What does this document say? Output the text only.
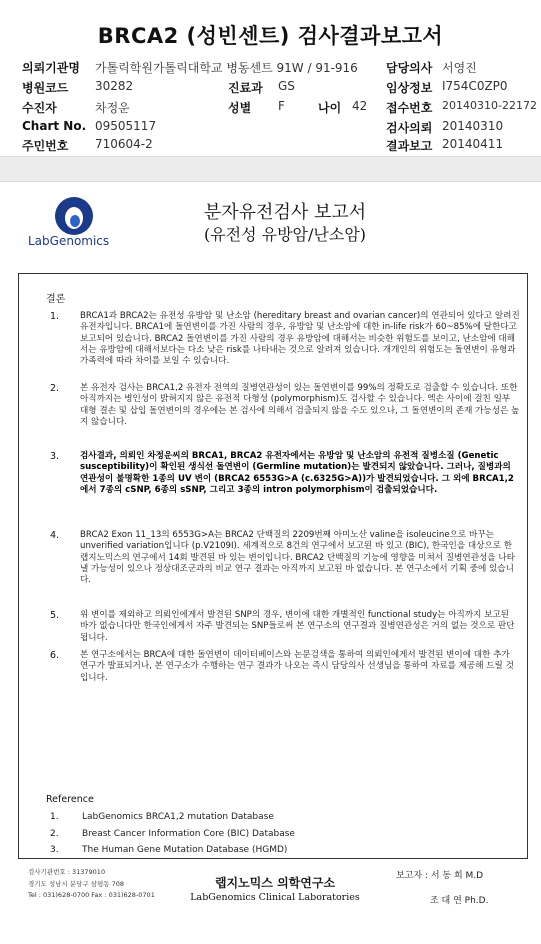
BRCA2 (성빈센트) 검사결과보고서
의뢰기관명 가톨릭학원가톨릭대학교 병동센트 91W / 91-916
병원코드 30282	진료과 GS
수진자	차정운	성별 F	나이 42
Chart No. 09505117
주민번호 710604-2
담당의사 서영진
임상정보 I754C0ZP0
접수번호 20140310-22172
검사의뢰 20140310
결과보고 20140411
LabGenomics
분자유전검사 보고서
(유전성 유방암/난소암)
결론
1. BRCA1과 BRCA2는 유전성 유방암 및 난소암 (hereditary breast and ovarian cancer)의 연관되어 있다고 알려진 유전자입니다. BRCA1에 돌연변이를 가진 사람의 경우, 유방암 및 난소암에 대한 in-life risk가 60~85%에 달한다고 보고되어 있습니다. BRCA2 돌연변이를 가진 사람의 경우 유방암에 대해서는 비슷한 위험도를 보이고, 난소암에 대해서는 유방암에 대해서보다는 다소 낮은 risk를 나타내는 것으로 알려져 있습니다. 개개인의 위험도는 돌연변이 유형과 가족력에 따라 차이를 보일 수 있습니다.
2. 본 유전자 검사는 BRCA1,2 유전자 전역의 질병연관성이 있는 돌연변이를 99%의 정확도로 검출할 수 있습니다. 또한 아직까지는 병인성이 밝혀지지 않은 유전적 다형성 (polymorphism)도 검사할 수 있습니다. 엑손 사이에 걸친 일부 대형 결손 및 삽입 돌연변이의 경우에는 본 검사에 의해서 검출되지 않을 수도 있으나, 그 돌연변이의 존재 가능성은 높지 않습니다.
3. 검사결과, 의뢰인 차정운씨의 BRCA1, BRCA2 유전자에서는 유방암 및 난소암의 유전적 질병소질 (Genetic susceptibility)이 확인된 생식선 돌연변이 (Germline mutation)는 발견되지 않았습니다. 그러나, 질병과의 연관성이 불명확한 1종의 UV 변이 (BRCA2 6553G>A (c.6325G>A))가 발견되었습니다. 그 외에 BRCA1,2에서 7종의 cSNP, 6종의 sSNP, 그리고 3종의 intron polymorphism이 검출되었습니다.
4. BRCA2 Exon 11_13의 6553G>A는 BRCA2 단백질의 2209번째 아미노산 valine을 isoleucine으로 바꾸는 unverified variation입니다 (p.V2109I). 세계적으로 8건의 연구에서 보고된 바 있고 (BIC), 한국인을 대상으로 한 랩지노믹스의 연구에서 14회 발견된 바 있는 변이입니다. BRCA2 단백질의 기능에 영향을 미쳐서 질병연관성을 나타낼 가능성이 있으나 정상대조군과의 비교 연구 결과는 아직까지 보고된 바 없습니다. 본 연구소에서 기획 중에 있습니다.
5. 위 변이를 제외하고 의뢰인에게서 발견된 SNP의 경우, 변이에 대한 개별적인 functional study는 아직까지 보고된 바가 없습니다만 한국인에게서 자주 발견되는 SNP들로써 본 연구소의 연구결과 질병연관성은 거의 없는 것으로 판단됩니다.
6. 본 연구소에서는 BRCA에 대한 돌연변이 데이터베이스와 논문검색을 통하여 의뢰인에게서 발견된 변이에 대한 추가 연구가 발표되거나, 본 연구소가 수행하는 연구 결과가 나오는 즉시 담당의사 선생님을 통하여 자료를 제공해 드릴 것입니다.
Reference
1.	LabGenomics BRCA1,2 mutation Database
2.	Breast Cancer Information Core (BIC) Database
3.	The Human Gene Mutation Database (HGMD)
검사기관번호 : 31379010
경기도 성남시 분당구 삼평동 708
Tel : 031)628-0700 Fax : 031)628-0701
랩지노믹스 의학연구소
LabGenomics Clinical Laboratories
보고자 : 서 동 희 M.D
조 대 연 Ph.D.
